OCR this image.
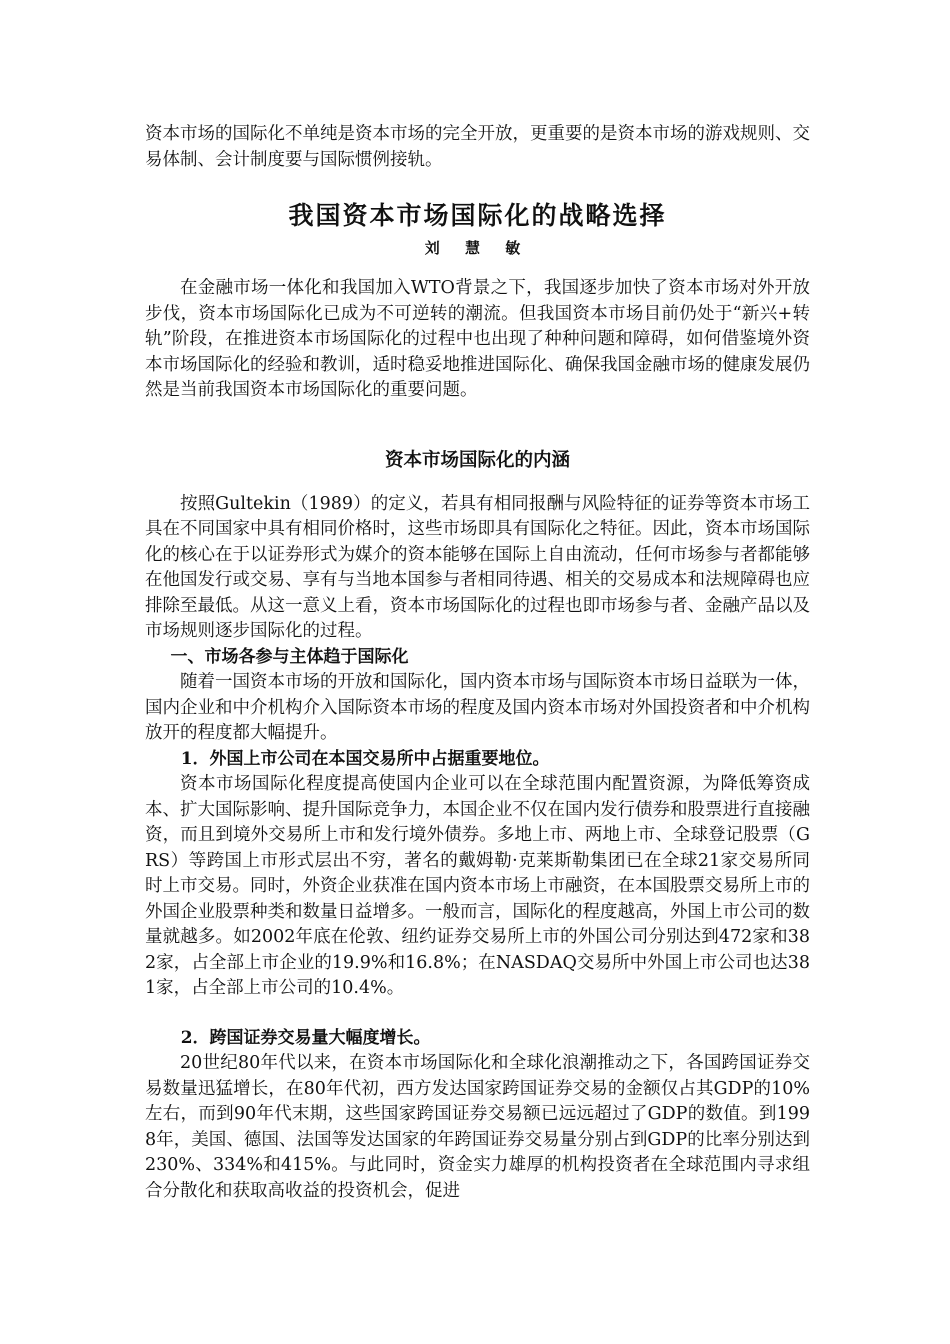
资本市场的国际化不单纯是资本市场的完全开放，更重要的是资本市场的游戏规则、交易体制、会计制度要与国际惯例接轨。

我国资本市场国际化的战略选择
刘 慧 敏

在金融市场一体化和我国加入WTO背景之下，我国逐步加快了资本市场对外开放步伐，资本市场国际化已成为不可逆转的潮流。但我国资本市场目前仍处于“新兴+转轨”阶段，在推进资本市场国际化的过程中也出现了种种问题和障碍，如何借鉴境外资本市场国际化的经验和教训，适时稳妥地推进国际化、确保我国金融市场的健康发展仍然是当前我国资本市场国际化的重要问题。

资本市场国际化的内涵

按照Gultekin（1989）的定义，若具有相同报酬与风险特征的证券等资本市场工具在不同国家中具有相同价格时，这些市场即具有国际化之特征。因此，资本市场国际化的核心在于以证券形式为媒介的资本能够在国际上自由流动，任何市场参与者都能够在他国发行或交易、享有与当地本国参与者相同待遇、相关的交易成本和法规障碍也应排除至最低。从这一意义上看，资本市场国际化的过程也即市场参与者、金融产品以及市场规则逐步国际化的过程。

一、市场各参与主体趋于国际化

随着一国资本市场的开放和国际化，国内资本市场与国际资本市场日益联为一体，国内企业和中介机构介入国际资本市场的程度及国内资本市场对外国投资者和中介机构放开的程度都大幅提升。

1．外国上市公司在本国交易所中占据重要地位。

资本市场国际化程度提高使国内企业可以在全球范围内配置资源，为降低筹资成本、扩大国际影响、提升国际竞争力，本国企业不仅在国内发行债券和股票进行直接融资，而且到境外交易所上市和发行境外债券。多地上市、两地上市、全球登记股票（GRS）等跨国上市形式层出不穷，著名的戴姆勒·克莱斯勒集团已在全球21家交易所同时上市交易。同时，外资企业获准在国内资本市场上市融资，在本国股票交易所上市的外国企业股票种类和数量日益增多。一般而言，国际化的程度越高，外国上市公司的数量就越多。如2002年底在伦敦、纽约证券交易所上市的外国公司分别达到472家和382家，占全部上市企业的19.9%和16.8%；在NASDAQ交易所中外国上市公司也达381家，占全部上市公司的10.4%。

2．跨国证券交易量大幅度增长。

20世纪80年代以来，在资本市场国际化和全球化浪潮推动之下，各国跨国证券交易数量迅猛增长，在80年代初，西方发达国家跨国证券交易的金额仅占其GDP的10%左右，而到90年代末期，这些国家跨国证券交易额已远远超过了GDP的数值。到1998年，美国、德国、法国等发达国家的年跨国证券交易量分别占到GDP的比率分别达到230%、334%和415%。与此同时，资金实力雄厚的机构投资者在全球范围内寻求组合分散化和获取高收益的投资机会，促进
